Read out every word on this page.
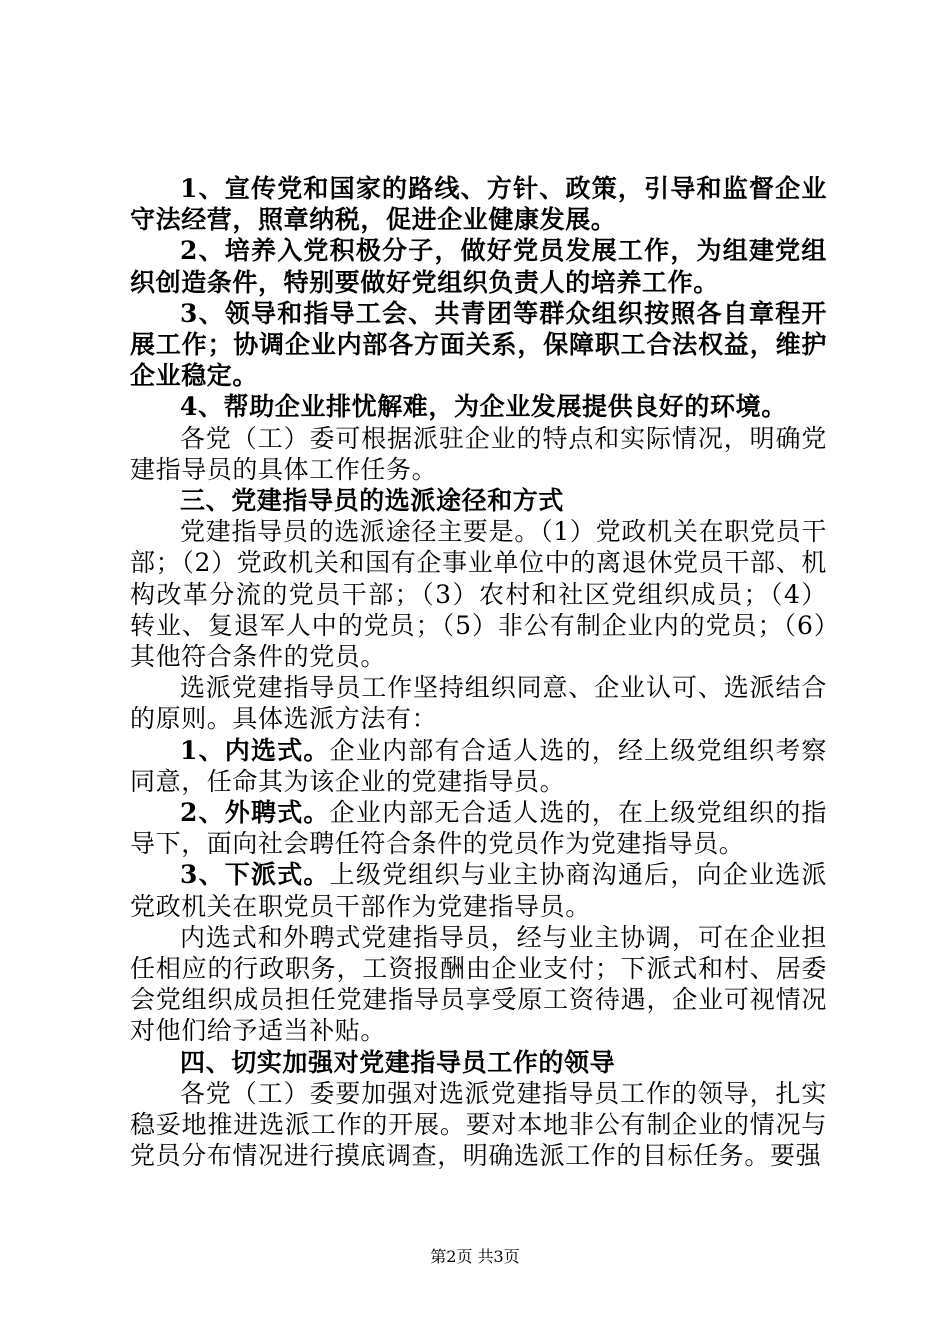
1、宣传党和国家的路线、方针、政策，引导和监督企业守法经营，照章纳税，促进企业健康发展。

2、培养入党积极分子，做好党员发展工作，为组建党组织创造条件，特别要做好党组织负责人的培养工作。

3、领导和指导工会、共青团等群众组织按照各自章程开展工作；协调企业内部各方面关系，保障职工合法权益，维护企业稳定。

4、帮助企业排忧解难，为企业发展提供良好的环境。

各党（工）委可根据派驻企业的特点和实际情况，明确党建指导员的具体工作任务。

三、党建指导员的选派途径和方式

党建指导员的选派途径主要是。（1）党政机关在职党员干部；（2）党政机关和国有企事业单位中的离退休党员干部、机构改革分流的党员干部；（3）农村和社区党组织成员；（4）转业、复退军人中的党员；（5）非公有制企业内的党员；（6）其他符合条件的党员。

选派党建指导员工作坚持组织同意、企业认可、选派结合的原则。具体选派方法有：

1、内选式。企业内部有合适人选的，经上级党组织考察同意，任命其为该企业的党建指导员。

2、外聘式。企业内部无合适人选的，在上级党组织的指导下，面向社会聘任符合条件的党员作为党建指导员。

3、下派式。上级党组织与业主协商沟通后，向企业选派党政机关在职党员干部作为党建指导员。

内选式和外聘式党建指导员，经与业主协调，可在企业担任相应的行政职务，工资报酬由企业支付；下派式和村、居委会党组织成员担任党建指导员享受原工资待遇，企业可视情况对他们给予适当补贴。

四、切实加强对党建指导员工作的领导

各党（工）委要加强对选派党建指导员工作的领导，扎实稳妥地推进选派工作的开展。要对本地非公有制企业的情况与党员分布情况进行摸底调查，明确选派工作的目标任务。要强

第2页 共3页
